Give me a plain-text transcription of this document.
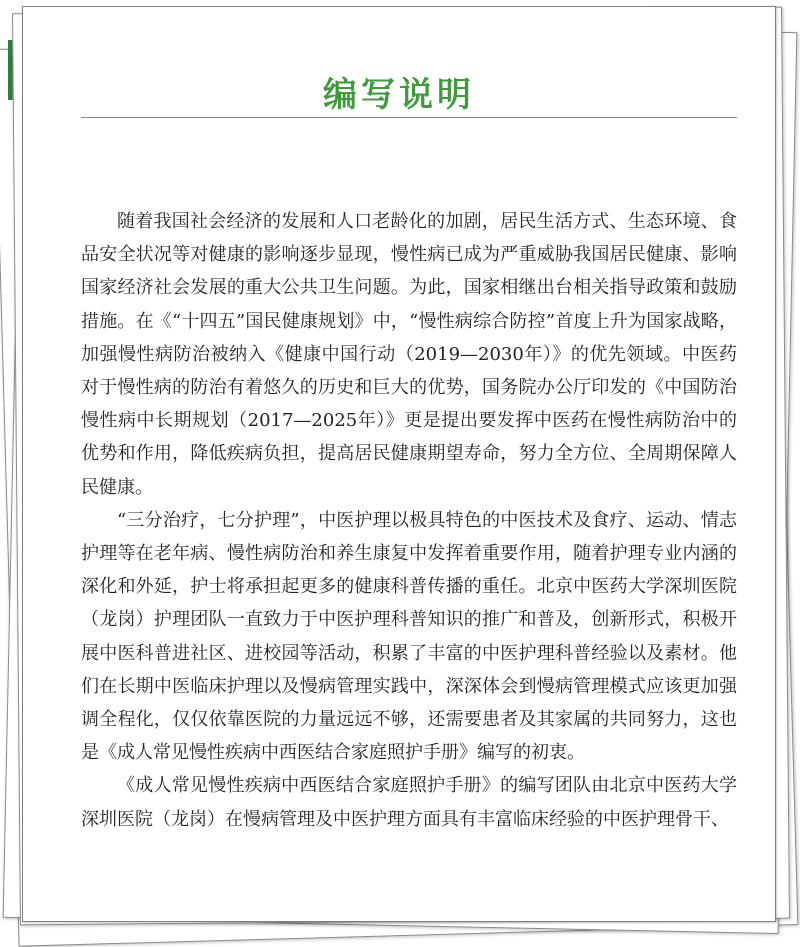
编写说明

随着我国社会经济的发展和人口老龄化的加剧，居民生活方式、生态环境、食品安全状况等对健康的影响逐步显现，慢性病已成为严重威胁我国居民健康、影响国家经济社会发展的重大公共卫生问题。为此，国家相继出台相关指导政策和鼓励措施。在《“十四五”国民健康规划》中，“慢性病综合防控”首度上升为国家战略，加强慢性病防治被纳入《健康中国行动（2019—2030年）》的优先领域。中医药对于慢性病的防治有着悠久的历史和巨大的优势，国务院办公厅印发的《中国防治慢性病中长期规划（2017—2025年）》更是提出要发挥中医药在慢性病防治中的优势和作用，降低疾病负担，提高居民健康期望寿命，努力全方位、全周期保障人民健康。

“三分治疗，七分护理”，中医护理以极具特色的中医技术及食疗、运动、情志护理等在老年病、慢性病防治和养生康复中发挥着重要作用，随着护理专业内涵的深化和外延，护士将承担起更多的健康科普传播的重任。北京中医药大学深圳医院（龙岗）护理团队一直致力于中医护理科普知识的推广和普及，创新形式，积极开展中医科普进社区、进校园等活动，积累了丰富的中医护理科普经验以及素材。他们在长期中医临床护理以及慢病管理实践中，深深体会到慢病管理模式应该更加强调全程化，仅仅依靠医院的力量远远不够，还需要患者及其家属的共同努力，这也是《成人常见慢性疾病中西医结合家庭照护手册》编写的初衷。

《成人常见慢性疾病中西医结合家庭照护手册》的编写团队由北京中医药大学深圳医院（龙岗）在慢病管理及中医护理方面具有丰富临床经验的中医护理骨干、
